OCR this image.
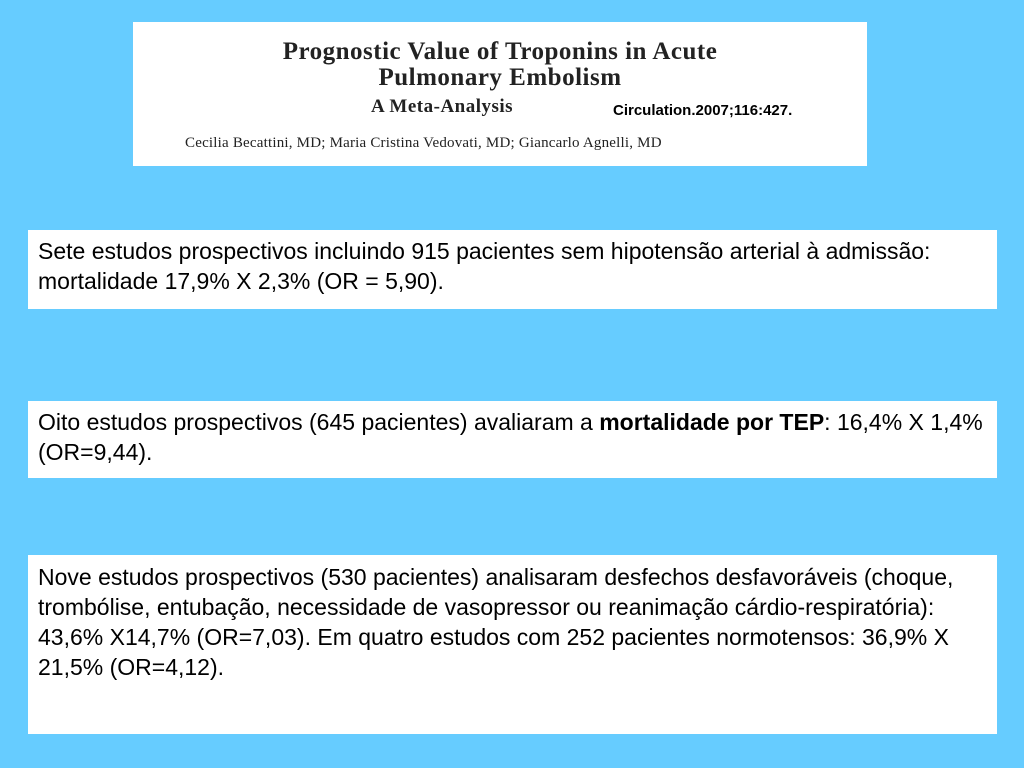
Prognostic Value of Troponins in Acute
Pulmonary Embolism
A Meta-Analysis	Circulation.2007;116:427.
Cecilia Becattini, MD; Maria Cristina Vedovati, MD; Giancarlo Agnelli, MD

Sete estudos prospectivos incluindo 915 pacientes sem hipotensão arterial à admissão: mortalidade 17,9% X 2,3% (OR = 5,90).

Oito estudos prospectivos (645 pacientes) avaliaram a mortalidade por TEP: 16,4% X 1,4% (OR=9,44).

Nove estudos prospectivos (530 pacientes) analisaram desfechos desfavoráveis (choque, trombólise, entubação, necessidade de vasopressor ou reanimação cárdio-respiratória): 43,6% X14,7% (OR=7,03). Em quatro estudos com 252 pacientes normotensos: 36,9% X 21,5% (OR=4,12).
